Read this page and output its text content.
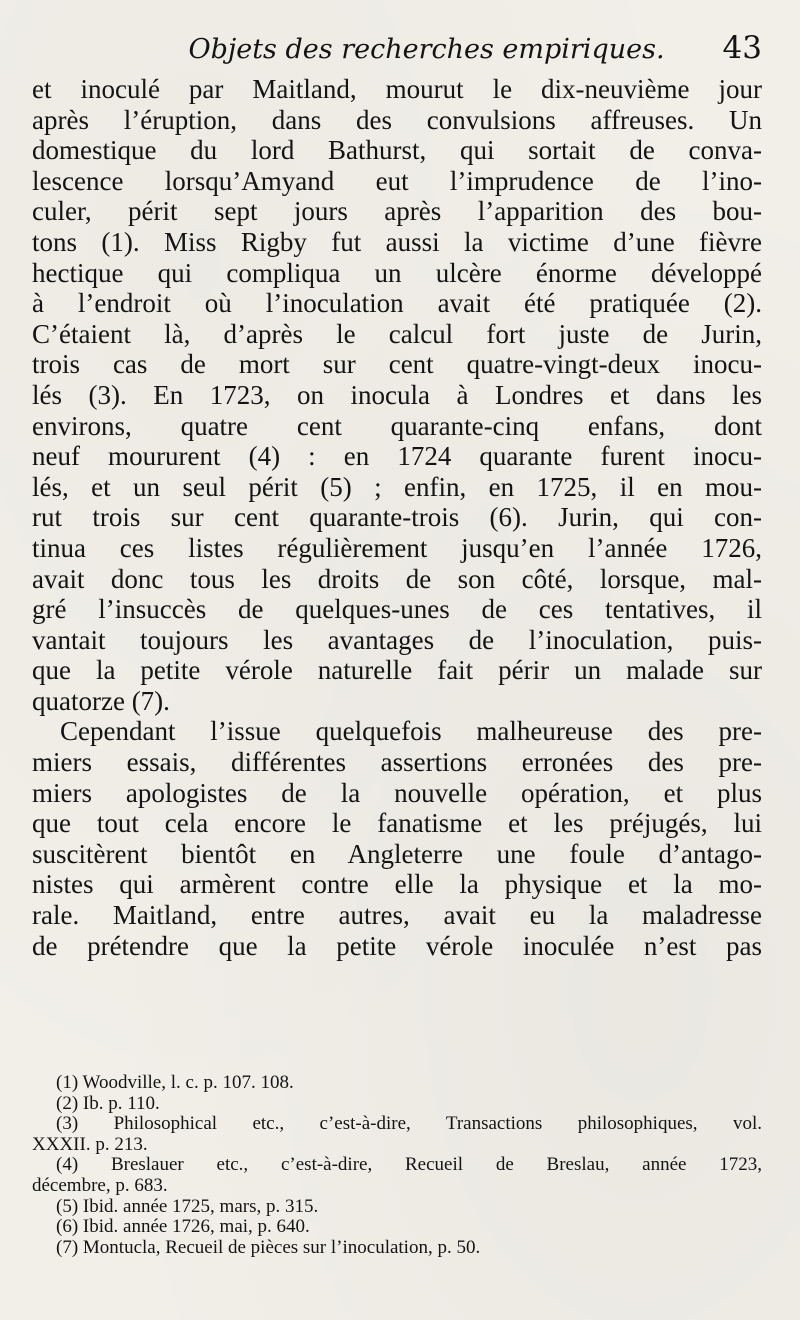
Objets des recherches empiriques. 43
et inoculé par Maitland, mourut le dix-neuvième jour
après l’éruption, dans des convulsions affreuses. Un
domestique du lord Bathurst, qui sortait de conva-
lescence lorsqu’Amyand eut l’imprudence de l’ino-
culer, périt sept jours après l’apparition des bou-
tons (1). Miss Rigby fut aussi la victime d’une fièvre
hectique qui compliqua un ulcère énorme développé
à l’endroit où l’inoculation avait été pratiquée (2).
C’étaient là, d’après le calcul fort juste de Jurin,
trois cas de mort sur cent quatre-vingt-deux inocu-
lés (3). En 1723, on inocula à Londres et dans les
environs, quatre cent quarante-cinq enfans, dont
neuf moururent (4) : en 1724 quarante furent inocu-
lés, et un seul périt (5) ; enfin, en 1725, il en mou-
rut trois sur cent quarante-trois (6). Jurin, qui con-
tinua ces listes régulièrement jusqu’en l’année 1726,
avait donc tous les droits de son côté, lorsque, mal-
gré l’insuccès de quelques-unes de ces tentatives, il
vantait toujours les avantages de l’inoculation, puis-
que la petite vérole naturelle fait périr un malade sur
quatorze (7).
Cependant l’issue quelquefois malheureuse des pre-
miers essais, différentes assertions erronées des pre-
miers apologistes de la nouvelle opération, et plus
que tout cela encore le fanatisme et les préjugés, lui
suscitèrent bientôt en Angleterre une foule d’antago-
nistes qui armèrent contre elle la physique et la mo-
rale. Maitland, entre autres, avait eu la maladresse
de prétendre que la petite vérole inoculée n’est pas
(1) Woodville, l. c. p. 107. 108.
(2) Ib. p. 110.
(3) Philosophical etc., c’est-à-dire, Transactions philosophiques, vol.
XXXII. p. 213.
(4) Breslauer etc., c’est-à-dire, Recueil de Breslau, année 1723,
décembre, p. 683.
(5) Ibid. année 1725, mars, p. 315.
(6) Ibid. année 1726, mai, p. 640.
(7) Montucla, Recueil de pièces sur l’inoculation, p. 50.
